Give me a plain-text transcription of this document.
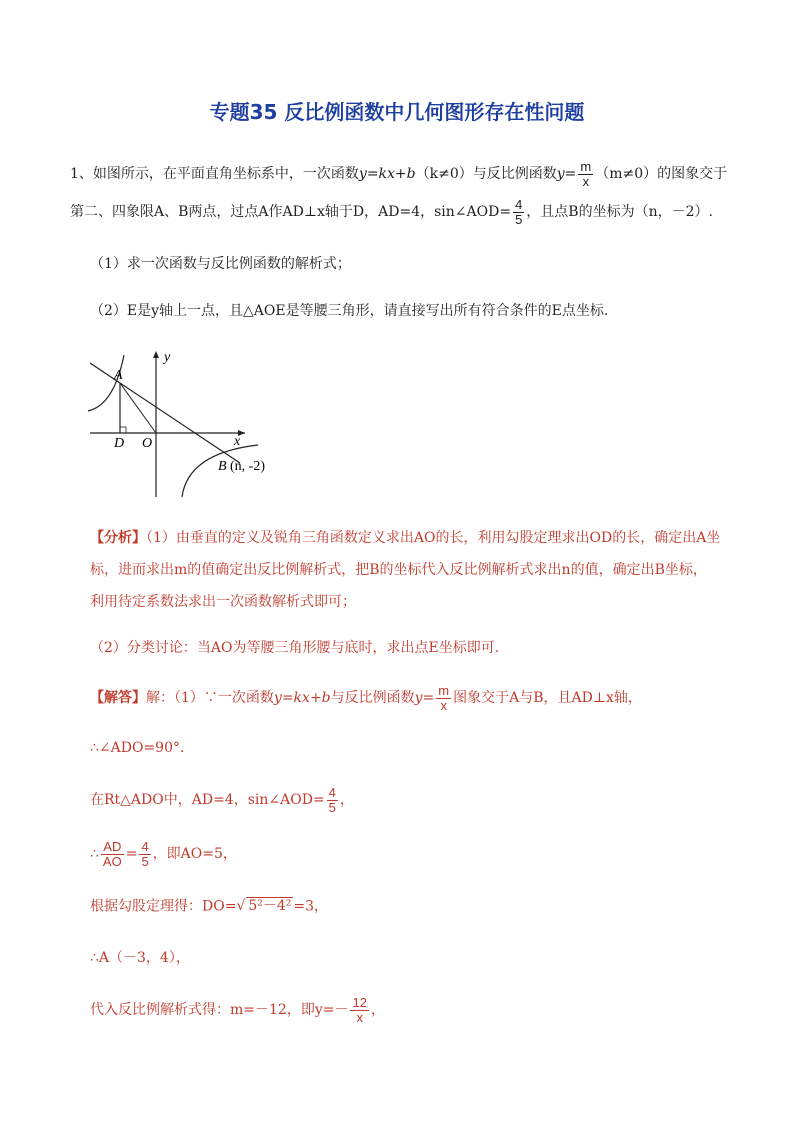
专题35 反比例函数中几何图形存在性问题
1、如图所示，在平面直角坐标系中，一次函数y=kx+b（k≠0）与反比例函数$y= \frac{m}{x} (m\ne 0)$的图象交于
第二、四象限A、B两点，过点A作AD⊥x轴于D，AD=4，sin∠AOD= $\frac{4}{5}$ ，且点B的坐标为（n，－2）.
（1）求一次函数与反比例函数的解析式；
（2）E是y轴上一点，且△AOE是等腰三角形，请直接写出所有符合条件的E点坐标.
y
x
A
D O
B (n, -2)
【分析】（1）由垂直的定义及锐角三角函数定义求出AO的长，利用勾股定理求出OD的长，确定出A坐
标，进而求出m的值确定出反比例解析式，把B的坐标代入反比例解析式求出n的值，确定出B坐标，
利用待定系数法求出一次函数解析式即可；
（2）分类讨论：当AO为等腰三角形腰与底时，求出点E坐标即可.
【解答】解：（1）∵一次函数y=kx+b与反比例函数$y= \frac{m}{x}$ 图象交于A与B，且AD⊥x轴，
∴∠ADO=90°．
在Rt△ADO中，AD=4，sin∠AOD= $\frac{4}{5}$ ，
∴ $\frac{AD}{AO} = \frac{4}{5}$ ，即AO=5，
根据勾股定理得：DO=√ 5²－4² =3，
∴A（－3，4），
代入反比例解析式得：m=－12，即$y=- \frac{12}{x}$ ，
